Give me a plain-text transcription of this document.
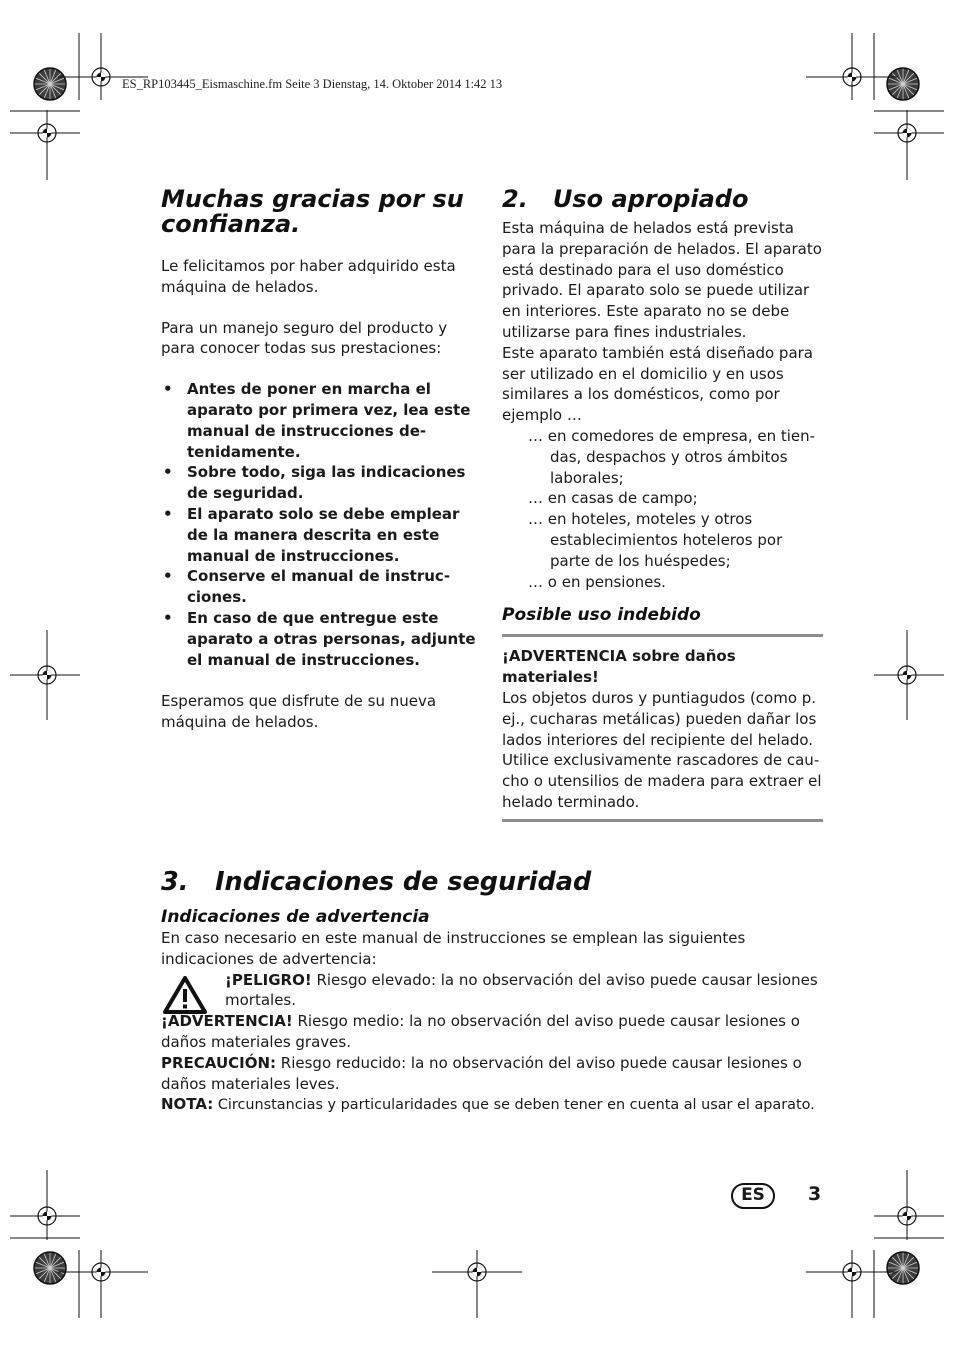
ES_RP103445_Eismaschine.fm Seite 3 Dienstag, 14. Oktober 2014 1:42 13
Muchas gracias por su confianza.

Le felicitamos por haber adquirido esta máquina de helados.

Para un manejo seguro del producto y para conocer todas sus prestaciones:

• Antes de poner en marcha el aparato por primera vez, lea este manual de instrucciones detenidamente.
• Sobre todo, siga las indicaciones de seguridad.
• El aparato solo se debe emplear de la manera descrita en este manual de instrucciones.
• Conserve el manual de instrucciones.
• En caso de que entregue este aparato a otras personas, adjunte el manual de instrucciones.

Esperamos que disfrute de su nueva máquina de helados.

2.   Uso apropiado

Esta máquina de helados está prevista para la preparación de helados. El aparato está destinado para el uso doméstico privado. El aparato solo se puede utilizar en interiores. Este aparato no se debe utilizarse para fines industriales.

Este aparato también está diseñado para ser utilizado en el domicilio y en usos similares a los domésticos, como por ejemplo …

… en comedores de empresa, en tiendas, despachos y otros ámbitos laborales;
… en casas de campo;
… en hoteles, moteles y otros establecimientos hoteleros por parte de los huéspedes;
… o en pensiones.
Posible uso indebido

¡ADVERTENCIA sobre daños materiales!

Los objetos duros y puntiagudos (como p. ej., cucharas metálicas) pueden dañar los lados interiores del recipiente del helado. Utilice exclusivamente rascadores de caucho o utensilios de madera para extraer el helado terminado.

3.   Indicaciones de seguridad
Indicaciones de advertencia

En caso necesario en este manual de instrucciones se emplean las siguientes indicaciones de advertencia:

¡PELIGRO! Riesgo elevado: la no observación del aviso puede causar lesiones mortales.

¡ADVERTENCIA! Riesgo medio: la no observación del aviso puede causar lesiones o daños materiales graves.

PRECAUCIÓN: Riesgo reducido: la no observación del aviso puede causar lesiones o daños materiales leves.

NOTA: Circunstancias y particularidades que se deben tener en cuenta al usar el aparato.

ES	3
